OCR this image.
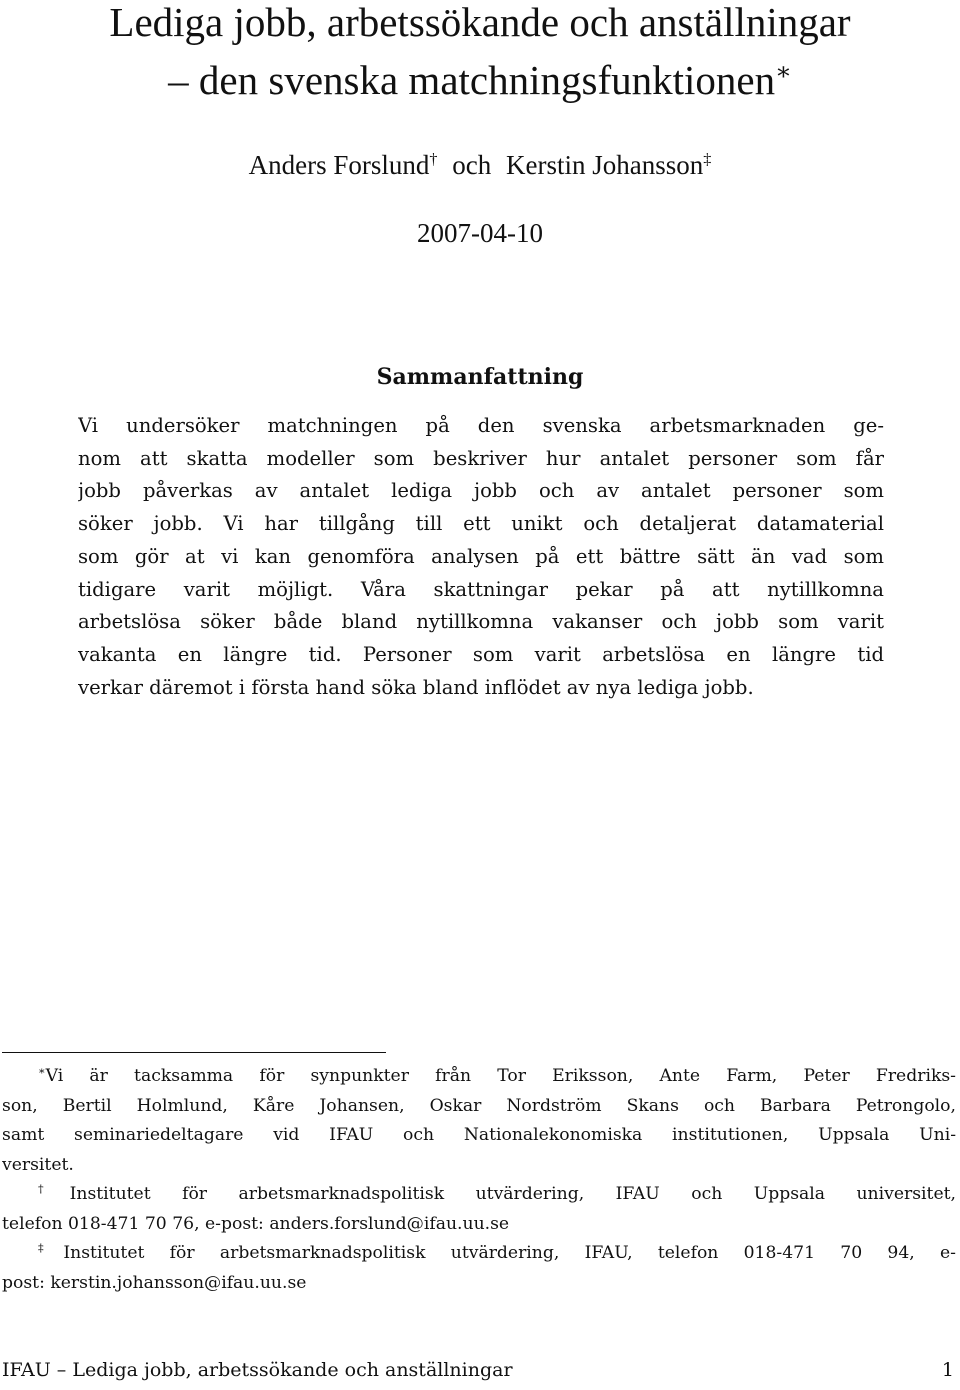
Lediga jobb, arbetssökande och anställningar
– den svenska matchningsfunktionen∗
Anders Forslund† och Kerstin Johansson‡
2007-04-10
Sammanfattning
Vi undersöker matchningen på den svenska arbetsmarknaden ge-
nom att skatta modeller som beskriver hur antalet personer som får
jobb påverkas av antalet lediga jobb och av antalet personer som
söker jobb. Vi har tillgång till ett unikt och detaljerat datamaterial
som gör at vi kan genomföra analysen på ett bättre sätt än vad som
tidigare varit möjligt. Våra skattningar pekar på att nytillkomna
arbetslösa söker både bland nytillkomna vakanser och jobb som varit
vakanta en längre tid. Personer som varit arbetslösa en längre tid
verkar däremot i första hand söka bland inflödet av nya lediga jobb.
∗Vi är tacksamma för synpunkter från Tor Eriksson, Ante Farm, Peter Fredriks-
son, Bertil Holmlund, Kåre Johansen, Oskar Nordström Skans och Barbara Petrongolo,
samt seminariedeltagare vid IFAU och Nationalekonomiska institutionen, Uppsala Uni-
versitet.
†Institutet för arbetsmarknadspolitisk utvärdering, IFAU och Uppsala universitet,
telefon 018-471 70 76, e-post: anders.forslund@ifau.uu.se
‡Institutet för arbetsmarknadspolitisk utvärdering, IFAU, telefon 018-471 70 94, e-
post: kerstin.johansson@ifau.uu.se
IFAU – Lediga jobb, arbetssökande och anställningar	1
